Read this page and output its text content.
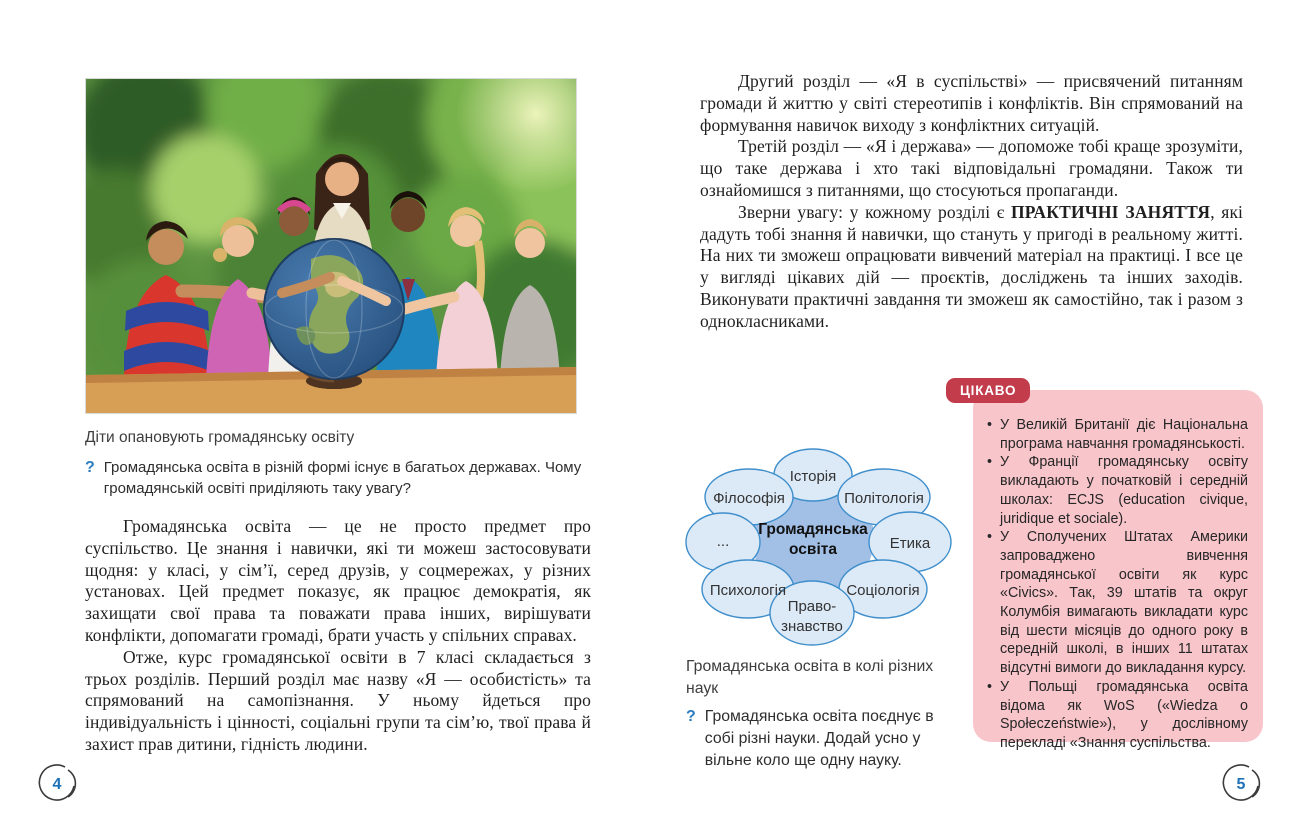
Діти опановують громадянську освіту
? Громадянська освіта в різній формі існує в багатьох державах. Чому громадянській освіті приділяють таку увагу?

Громадянська освіта — це не просто предмет про суспільство. Це знання і навички, які ти можеш застосовувати щодня: у класі, у сім’ї, серед друзів, у соцмережах, у різних установах. Цей предмет показує, як працює демократія, як захищати свої права та поважати права інших, вирішувати конфлікти, допомагати громаді, брати участь у спільних справах.

Отже, курс громадянської освіти в 7 класі складається з трьох розділів. Перший розділ має назву «Я — особистість» та спрямований на самопізнання. У ньому йдеться про індивідуальність і цінності, соціальні групи та сім’ю, твої права й захист прав дитини, гідність людини.

4

Другий розділ — «Я в суспільстві» — присвячений питанням громади й життю у світі стереотипів і конфліктів. Він спрямований на формування навичок виходу з конфліктних ситуацій.

Третій розділ — «Я і держава» — допоможе тобі краще зрозуміти, що таке держава і хто такі відповідальні громадяни. Також ти ознайомишся з питаннями, що стосуються пропаганди.

Зверни увагу: у кожному розділі є ПРАКТИЧНІ ЗАНЯТТЯ, які дадуть тобі знання й навички, що стануть у пригоді в реальному житті. На них ти зможеш опрацювати вивчений матеріал на практиці. І все це у вигляді цікавих дій — проєктів, досліджень та інших заходів. Виконувати практичні завдання ти зможеш як самостійно, так і разом з однокласниками.

ЦІКАВО
• У Великій Британії діє Національна програма навчання громадянськості.
• У Франції громадянську освіту викладають у початковій і середній школах: ECJS (education civique, juridique et sociale).
• У Сполучених Штатах Америки запроваджено вивчення громадянської освіти як курс «Civics». Так, 39 штатів та округ Колумбія вимагають викладати курс від шести місяців до одного року в середній школі, в інших 11 штатах відсутні вимоги до викладання курсу.
• У Польщі громадянська освіта відома як WoS («Wiedza o Społeczeństwie»), у дослівному перекладі «Знання суспільства.
Історія
Філософія	Політологія
...	Етика
Психологія	Соціологія
Право-
знавство
Громадянська
освіта
Громадянська освіта в колі різних наук
? Громадянська освіта поєднує в собі різні науки. Додай усно у вільне коло ще одну науку.
5
